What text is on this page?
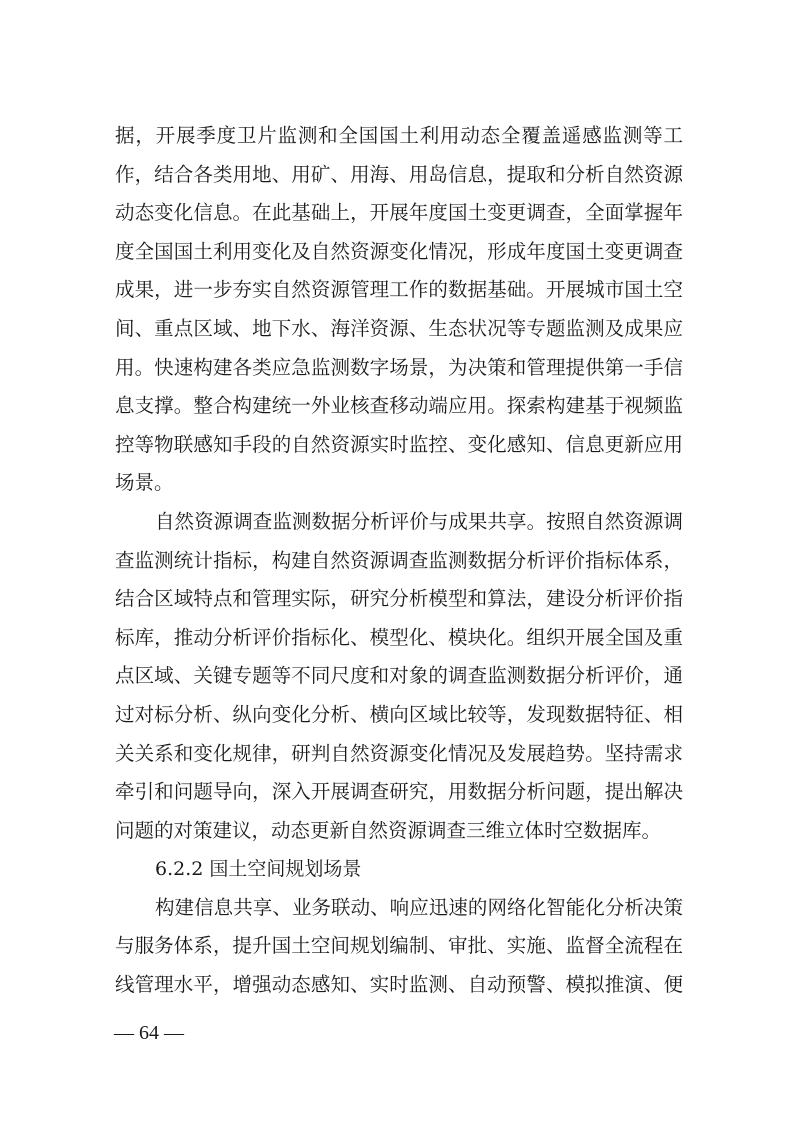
据，开展季度卫片监测和全国国土利用动态全覆盖遥感监测等工
作，结合各类用地、用矿、用海、用岛信息，提取和分析自然资源
动态变化信息。在此基础上，开展年度国土变更调查，全面掌握年
度全国国土利用变化及自然资源变化情况，形成年度国土变更调查
成果，进一步夯实自然资源管理工作的数据基础。开展城市国土空
间、重点区域、地下水、海洋资源、生态状况等专题监测及成果应
用。快速构建各类应急监测数字场景，为决策和管理提供第一手信
息支撑。整合构建统一外业核查移动端应用。探索构建基于视频监
控等物联感知手段的自然资源实时监控、变化感知、信息更新应用
场景。
自然资源调查监测数据分析评价与成果共享。按照自然资源调
查监测统计指标，构建自然资源调查监测数据分析评价指标体系，
结合区域特点和管理实际，研究分析模型和算法，建设分析评价指
标库，推动分析评价指标化、模型化、模块化。组织开展全国及重
点区域、关键专题等不同尺度和对象的调查监测数据分析评价，通
过对标分析、纵向变化分析、横向区域比较等，发现数据特征、相
关关系和变化规律，研判自然资源变化情况及发展趋势。坚持需求
牵引和问题导向，深入开展调查研究，用数据分析问题，提出解决
问题的对策建议，动态更新自然资源调查三维立体时空数据库。
6.2.2 国土空间规划场景
构建信息共享、业务联动、响应迅速的网络化智能化分析决策
与服务体系，提升国土空间规划编制、审批、实施、监督全流程在
线管理水平，增强动态感知、实时监测、自动预警、模拟推演、便
— 64 —
